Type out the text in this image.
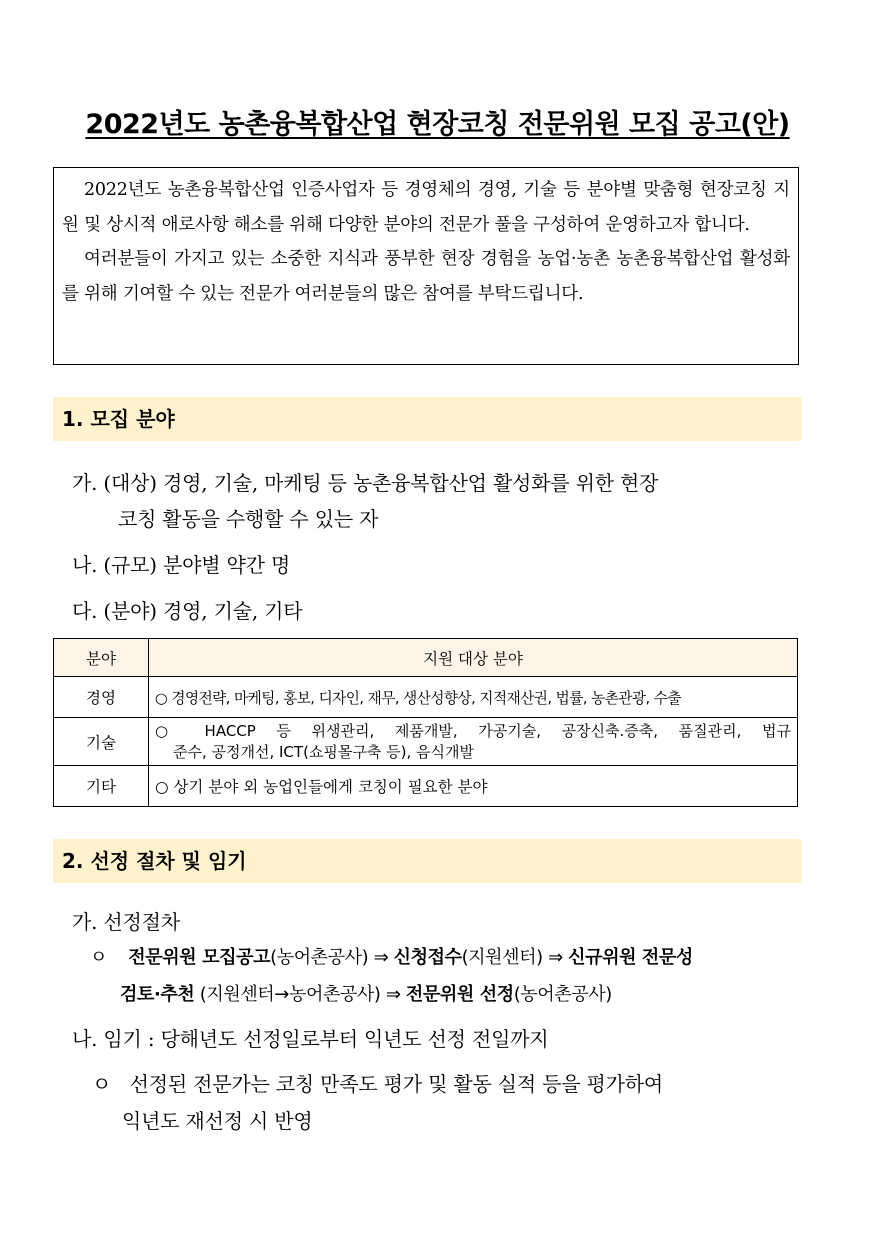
2022년도 농촌융복합산업 현장코칭 전문위원 모집 공고(안)

2022년도 농촌융복합산업 인증사업자 등 경영체의 경영, 기술 등 분야별 맞춤형 현장코칭 지원 및 상시적 애로사항 해소를 위해 다양한 분야의 전문가 풀을 구성하여 운영하고자 합니다.

여러분들이 가지고 있는 소중한 지식과 풍부한 현장 경험을 농업·농촌 농촌융복합산업 활성화를 위해 기여할 수 있는 전문가 여러분들의 많은 참여를 부탁드립니다.

1. 모집 분야
가. (대상) 경영, 기술, 마케팅 등 농촌융복합산업 활성화를 위한 현장
코칭 활동을 수행할 수 있는 자
나. (규모) 분야별 약간 명
다. (분야) 경영, 기술, 기타
분야	지원 대상 분야
경영	○ 경영전략, 마케팅, 홍보, 디자인, 재무, 생산성향상, 지적재산권, 법률, 농촌관광, 수출
기술	○ HACCP 등 위생관리, 제품개발, 가공기술, 공장신축.증축, 품질관리, 법규
준수, 공정개선, ICT(쇼핑몰구축 등), 음식개발

기타	○ 상기 분야 외 농업인들에게 코칭이 필요한 분야
2. 선정 절차 및 임기
가. 선정절차
ㅇ 전문위원 모집공고(농어촌공사) ⇒ 신청접수(지원센터) ⇒ 신규위원 전문성
검토·추천 (지원센터→농어촌공사) ⇒ 전문위원 선정(농어촌공사)
나. 임기 : 당해년도 선정일로부터 익년도 선정 전일까지
ㅇ 선정된 전문가는 코칭 만족도 평가 및 활동 실적 등을 평가하여
익년도 재선정 시 반영
